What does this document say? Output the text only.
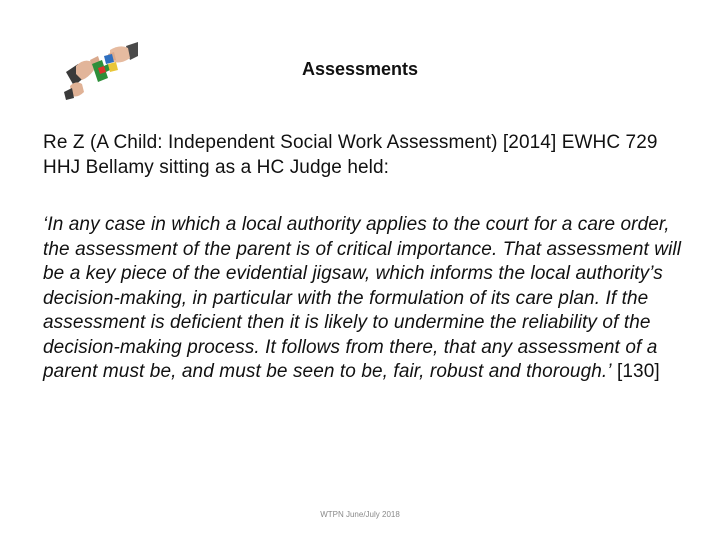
Assessments

Re Z (A Child: Independent Social Work Assessment) [2014] EWHC 729 HHJ Bellamy sitting as a HC Judge held:

‘In any case in which a local authority applies to the court for a care order, the assessment of the parent is of critical importance. That assessment will be a key piece of the evidential jigsaw, which informs the local authority’s decision-making, in particular with the formulation of its care plan. If the assessment is deficient then it is likely to undermine the reliability of the decision-making process. It follows from there, that any assessment of a parent must be, and must be seen to be, fair, robust and thorough.’ [130]

WTPN June/July 2018
